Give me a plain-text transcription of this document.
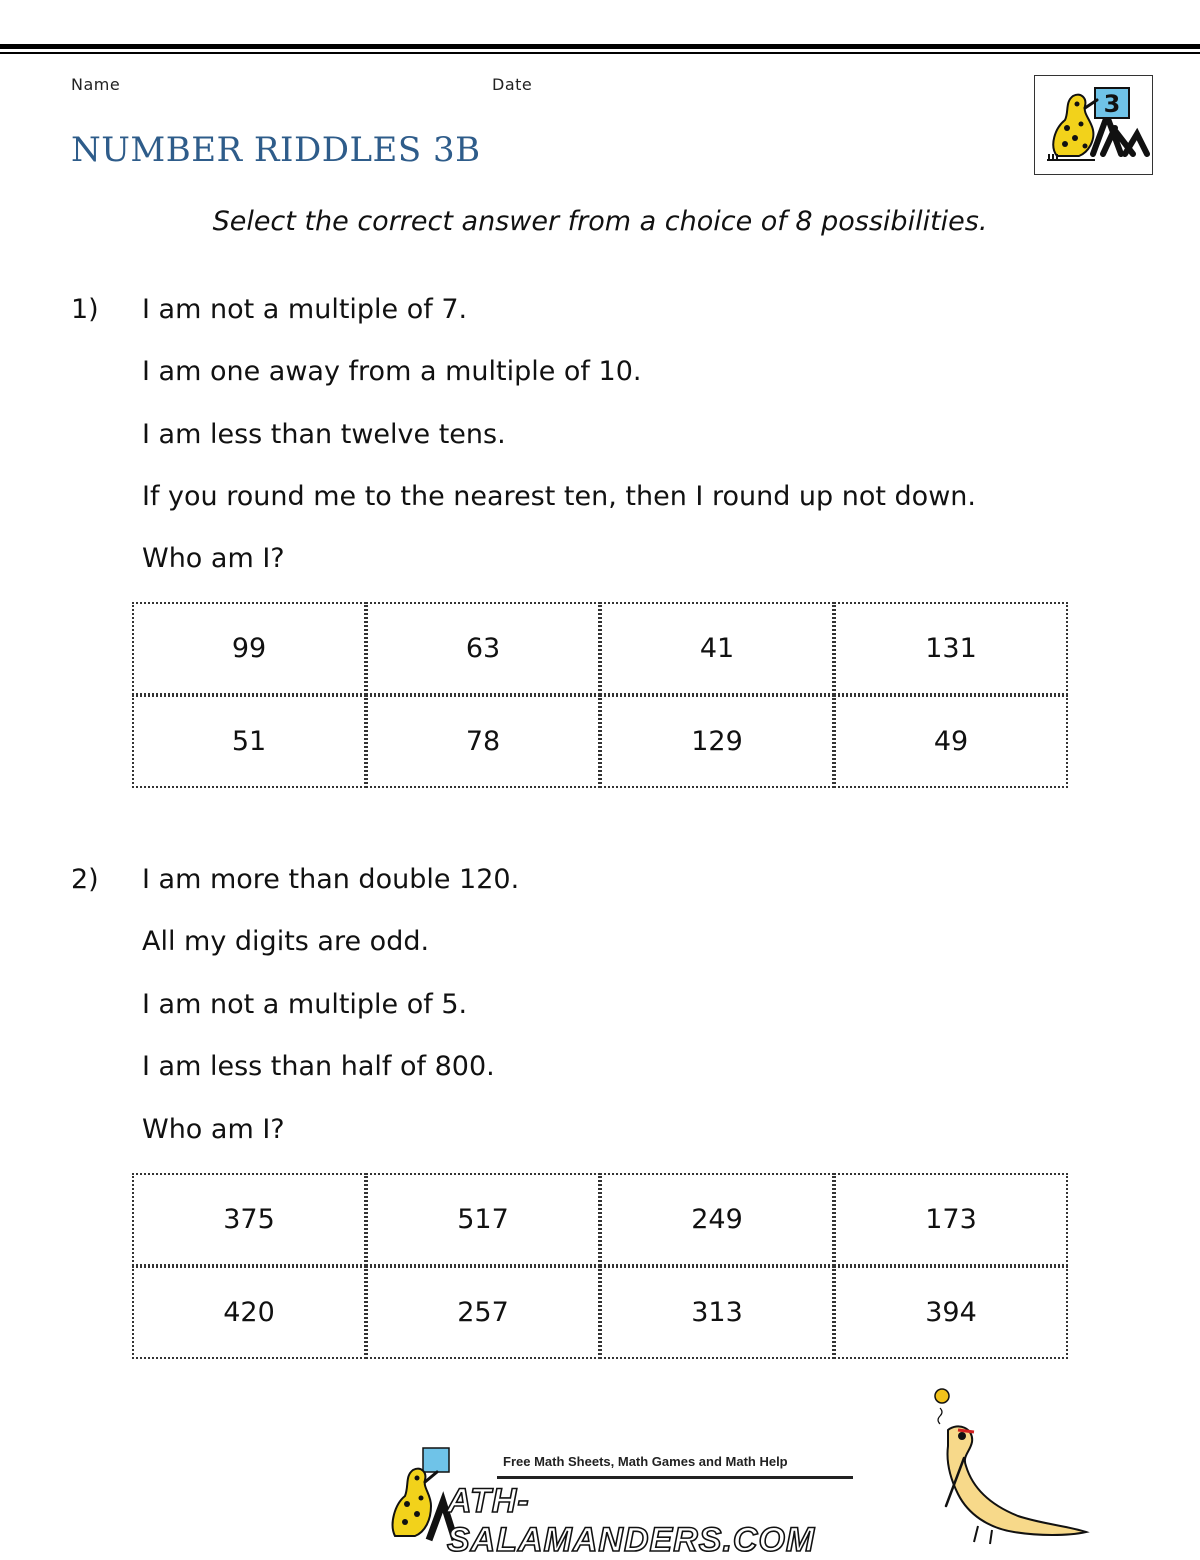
Name	Date
NUMBER RIDDLES 3B
3
Select the correct answer from a choice of 8 possibilities.
1) I am not a multiple of 7.
I am one away from a multiple of 10.
I am less than twelve tens.
If you round me to the nearest ten, then I round up not down.
Who am I?
99	63	41	131
51	78	129	49
2) I am more than double 120.
All my digits are odd.
I am not a multiple of 5.
I am less than half of 800.
Who am I?
375	517	249	173
420	257	313	394
Free Math Sheets, Math Games and Math Help
ATH-SALAMANDERS.COM
